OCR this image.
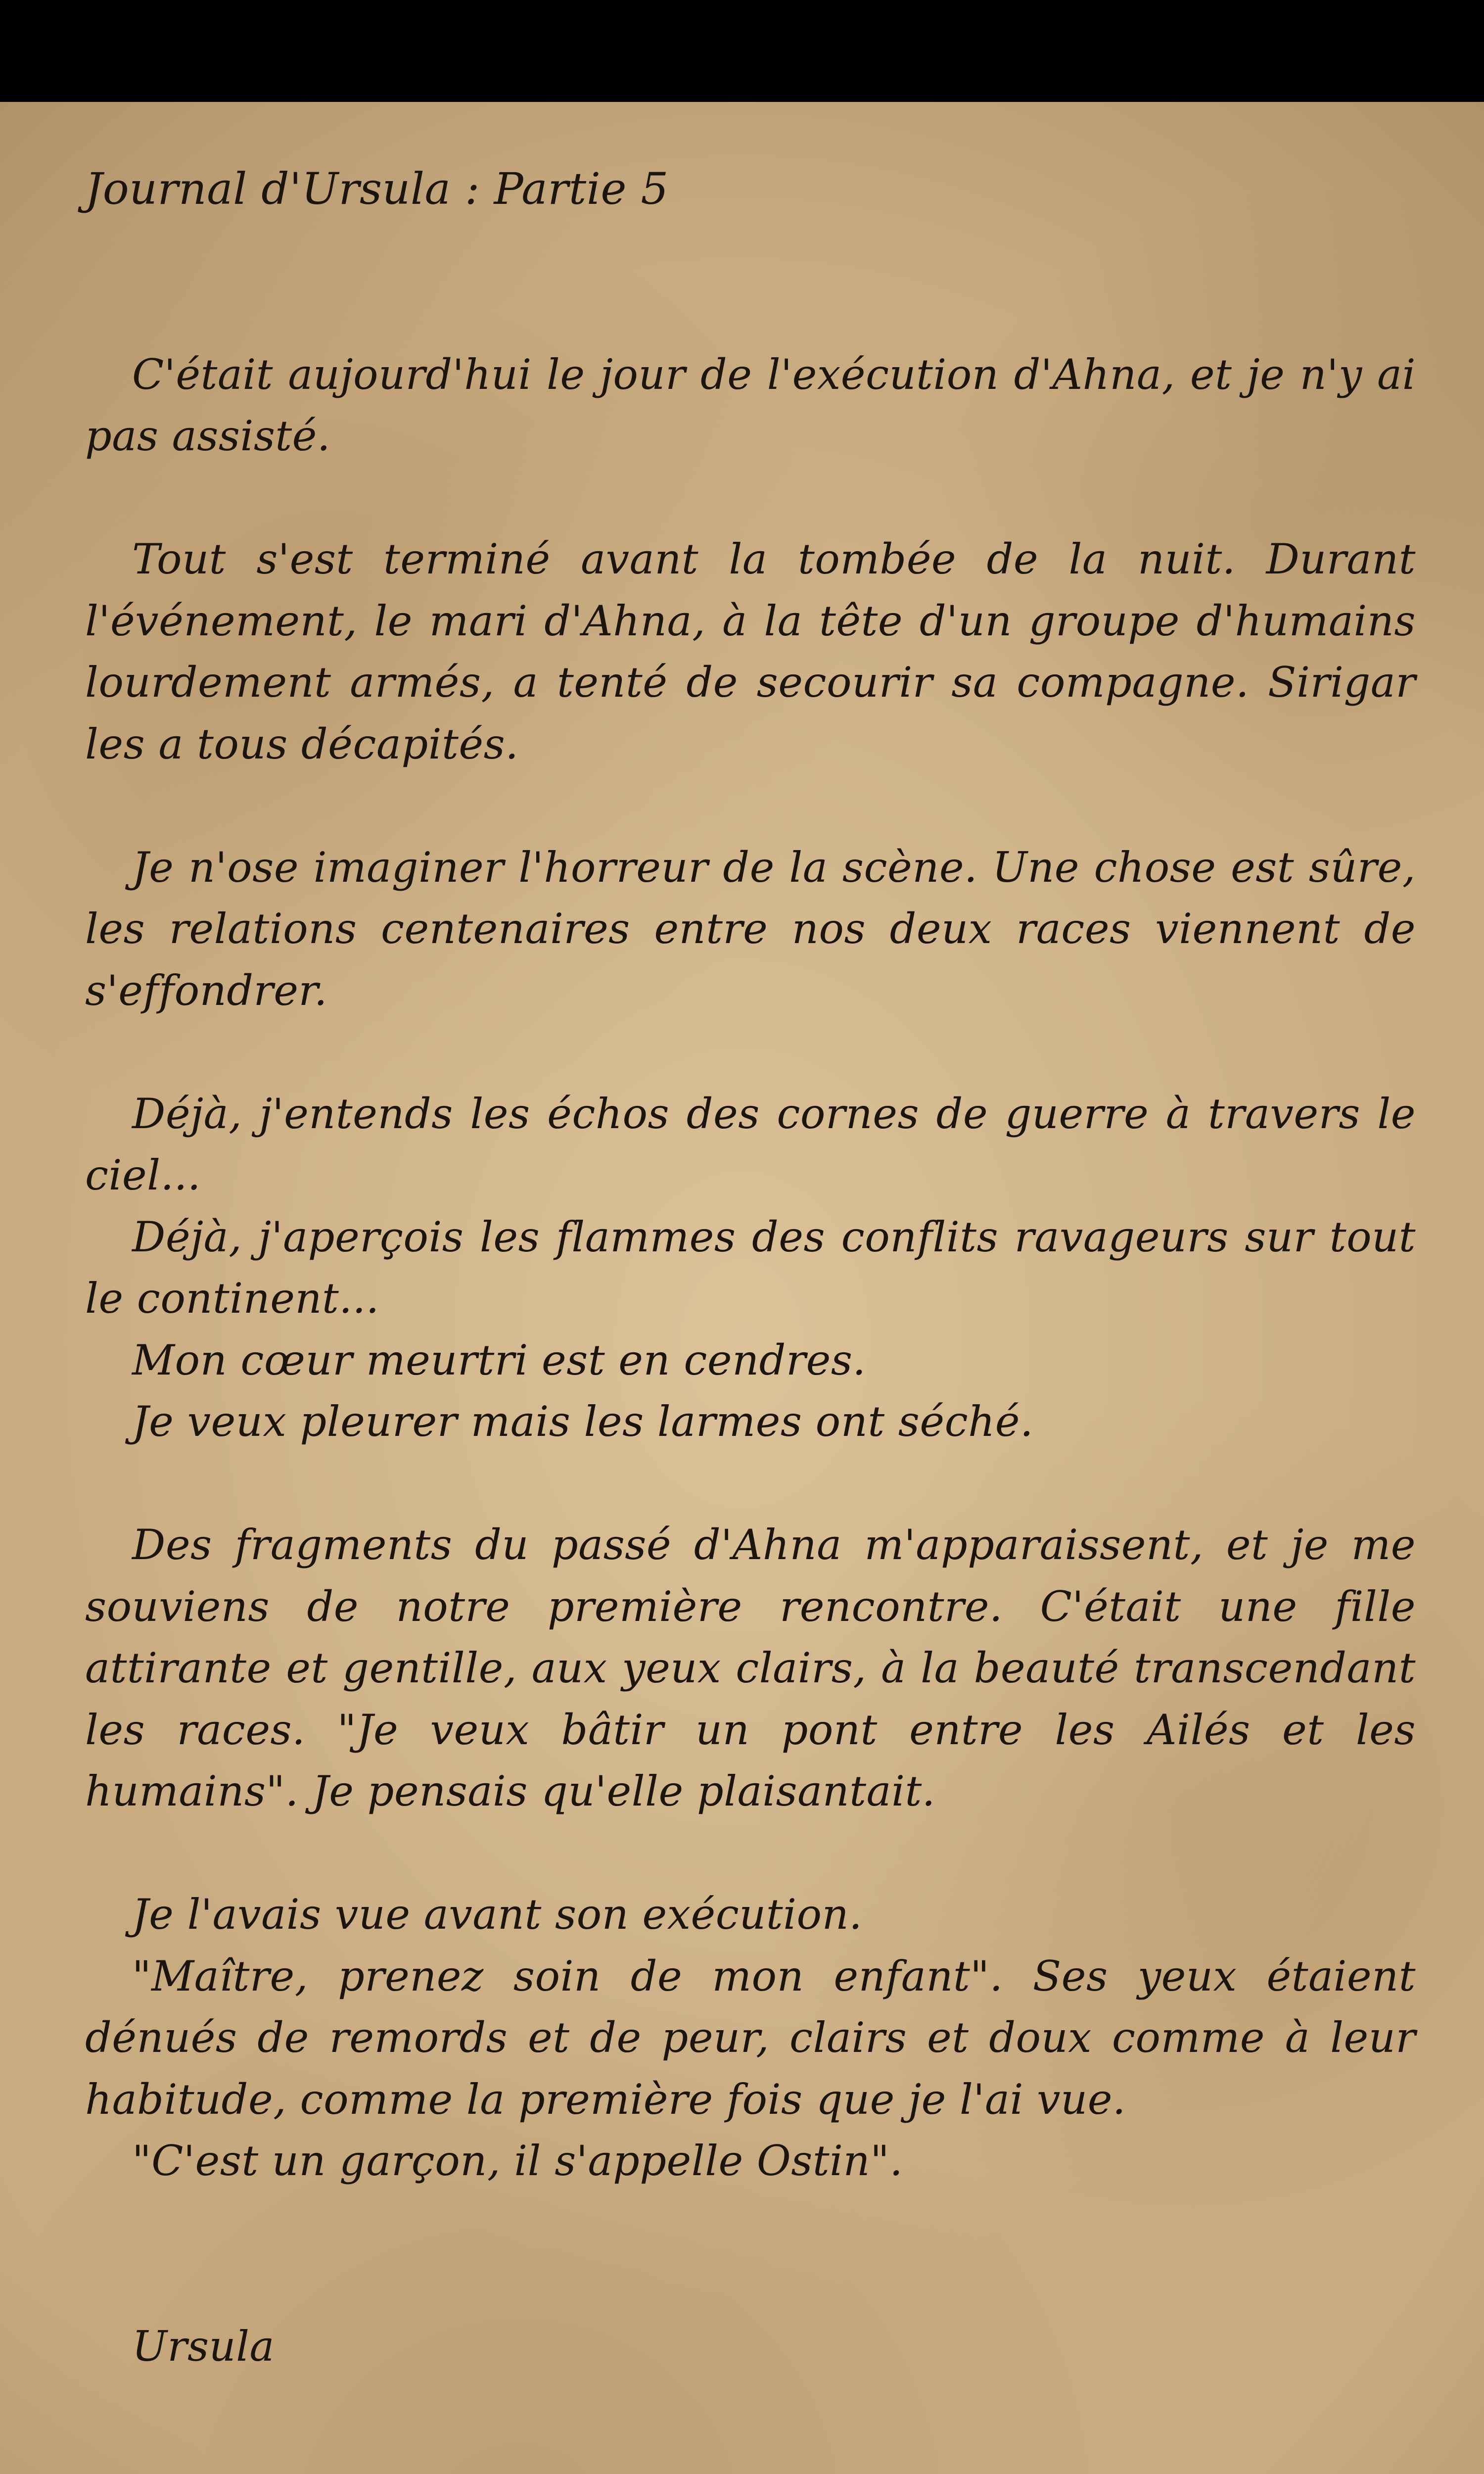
Journal d'Ursula : Partie 5

C'était aujourd'hui le jour de l'exécution d'Ahna, et je n'y ai pas assisté.

Tout s'est terminé avant la tombée de la nuit. Durant l'événement, le mari d'Ahna, à la tête d'un groupe d'humains lourdement armés, a tenté de secourir sa compagne. Sirigar les a tous décapités.

Je n'ose imaginer l'horreur de la scène. Une chose est sûre, les relations centenaires entre nos deux races viennent de s'effondrer.

Déjà, j'entends les échos des cornes de guerre à travers le ciel...

Déjà, j'aperçois les flammes des conflits ravageurs sur tout le continent...

Mon cœur meurtri est en cendres.

Je veux pleurer mais les larmes ont séché.

Des fragments du passé d'Ahna m'apparaissent, et je me souviens de notre première rencontre. C'était une fille attirante et gentille, aux yeux clairs, à la beauté transcendant les races. "Je veux bâtir un pont entre les Ailés et les humains". Je pensais qu'elle plaisantait.

Je l'avais vue avant son exécution.

"Maître, prenez soin de mon enfant". Ses yeux étaient dénués de remords et de peur, clairs et doux comme à leur habitude, comme la première fois que je l'ai vue.

"C'est un garçon, il s'appelle Ostin".

Ursula
